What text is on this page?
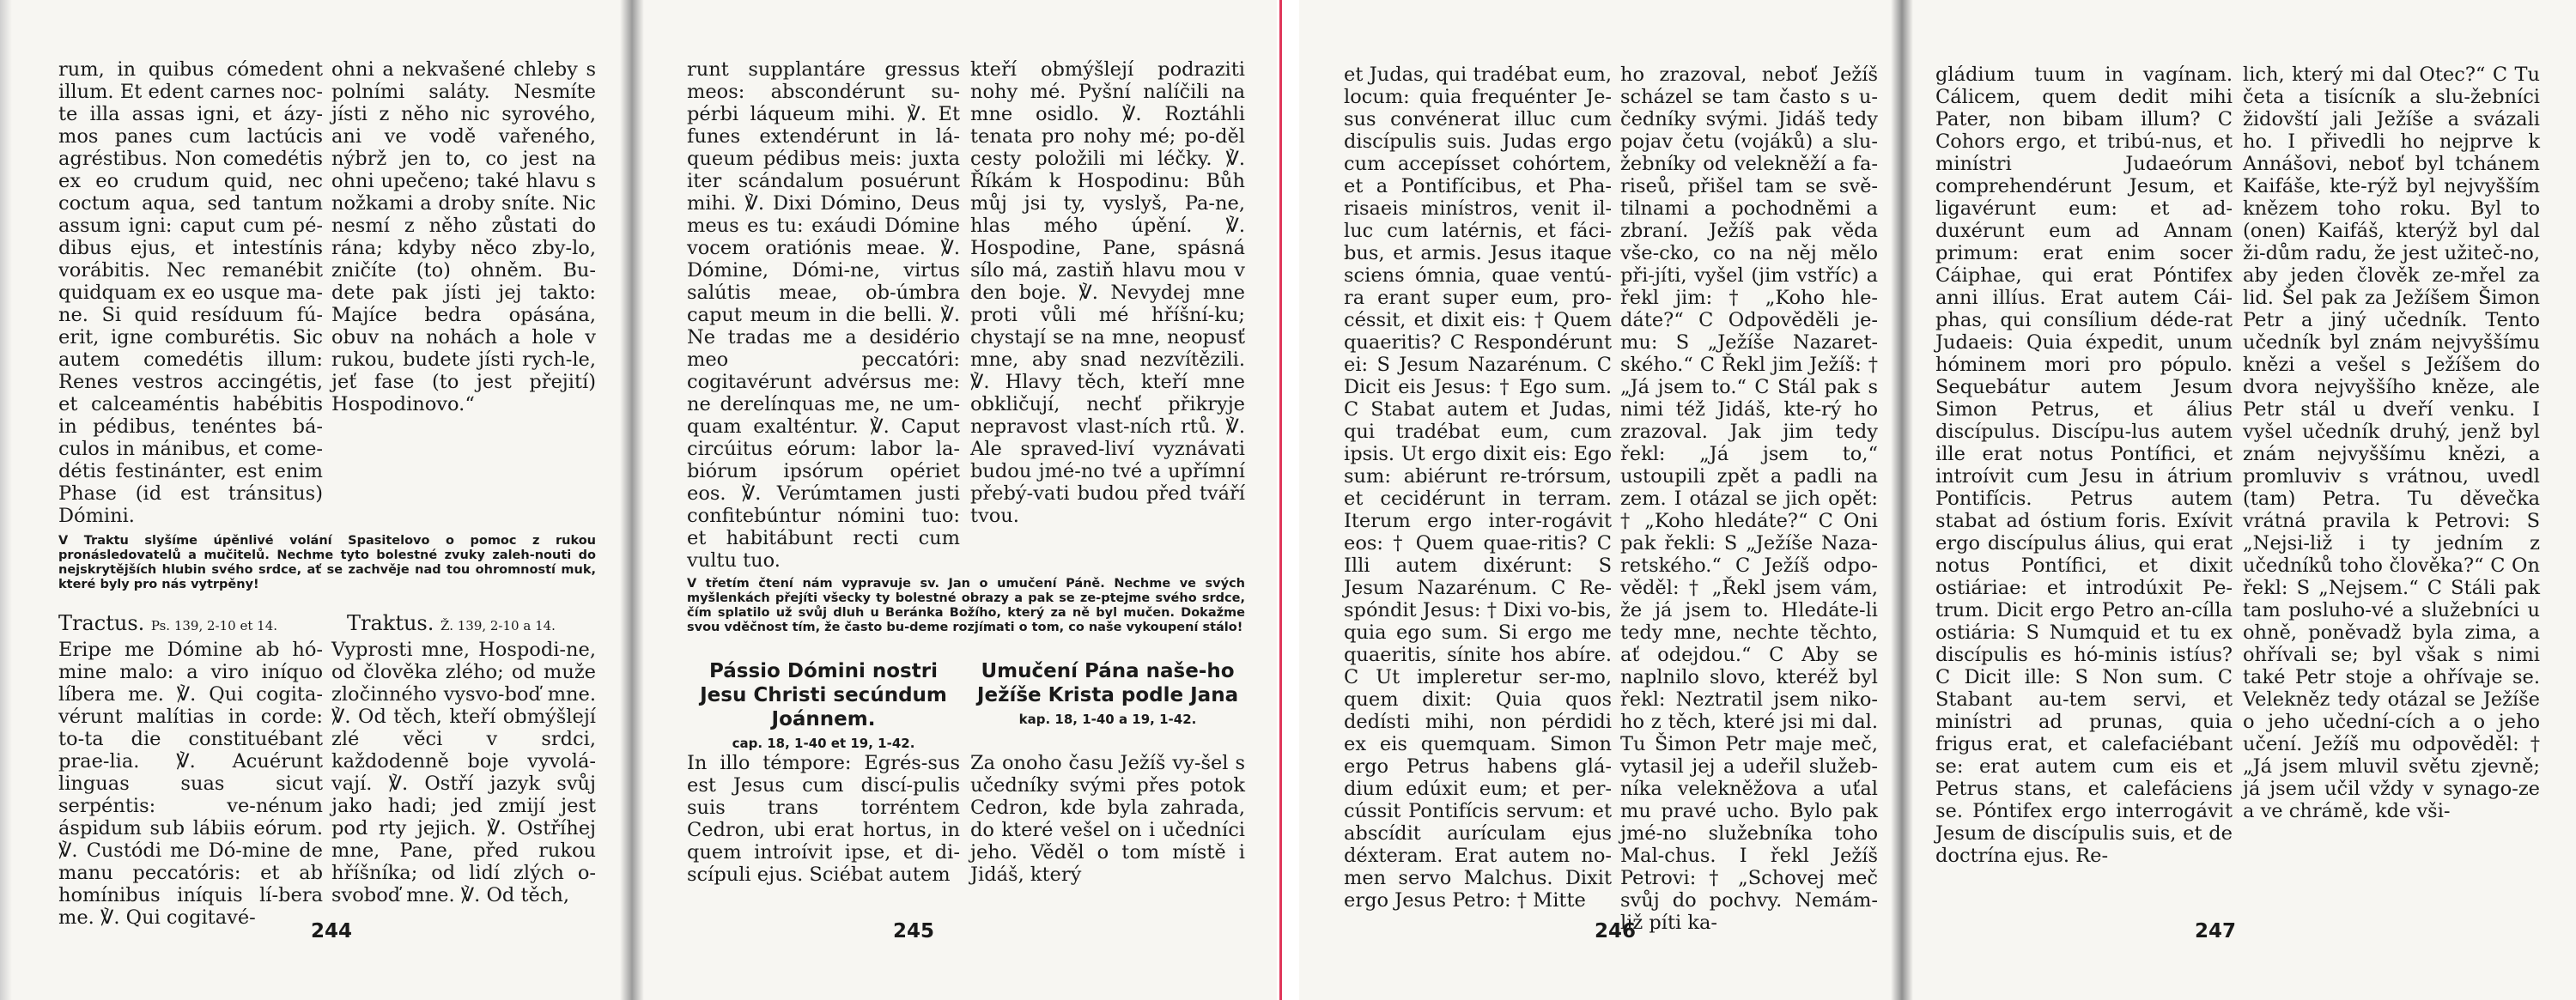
rum, in quibus cómedent illum. Et edent carnes noc-te illa assas igni, et ázy-mos panes cum lactúcis agréstibus. Non comedétis ex eo crudum quid, nec coctum aqua, sed tantum assum igni: caput cum pé-dibus ejus, et intestínis vorábitis. Nec remanébit quidquam ex eo usque ma-ne. Si quid resíduum fú-erit, igne comburétis. Sic autem comedétis illum: Renes vestros accingétis, et calceaméntis habébitis in pédibus, tenéntes bá-culos in mánibus, et come-détis festinánter, est enim Phase (id est tránsitus) Dómini.

ohni a nekvašené chleby s polními saláty. Nesmíte jísti z něho nic syrového, ani ve vodě vařeného, nýbrž jen to, co jest na ohni upečeno; také hlavu s nožkami a droby sníte. Nic nesmí z něho zůstati do rána; kdyby něco zby-lo, zničíte (to) ohněm. Bu-dete pak jísti jej takto: Majíce bedra opásána, obuv na nohách a hole v rukou, budete jísti rych-le, jeť fase (to jest přejití) Hospodinovo.“

V Traktu slyšíme úpěnlivé volání Spasitelovo o pomoc z rukou pronásledovatelů a mučitelů. Nechme tyto bolestné zvuky zaleh-nouti do nejskrytějších hlubin svého srdce, ať se zachvěje nad tou ohromností muk, které byly pro nás vytrpěny!
Tractus. Ps. 139, 2-10 et 14.	Traktus. Ž. 139, 2-10 a 14.

Eripe me Dómine ab hó-mine malo: a viro iníquo líbera me. ℣. Qui cogita-vérunt malítias in corde: to-ta die constituébant prae-lia. ℣. Acuérunt linguas suas sicut serpéntis: ve-nénum áspidum sub lábiis eórum. ℣. Custódi me Dó-mine de manu peccatóris: et ab homínibus iníquis lí-bera me. ℣. Qui cogitavé-

Vyprosti mne, Hospodi-ne, od člověka zlého; od muže zločinného vysvo-boď mne. ℣. Od těch, kteří obmýšlejí zlé věci v srdci, každodenně boje vyvolá-vají. ℣. Ostří jazyk svůj jako hadi; jed zmijí jest pod rty jejich. ℣. Ostříhej mne, Pane, před rukou hříšníka; od lidí zlých o-svoboď mne. ℣. Od těch,

244

runt supplantáre gressus meos: abscondérunt su-pérbi láqueum mihi. ℣. Et funes extendérunt in lá-queum pédibus meis: juxta iter scándalum posuérunt mihi. ℣. Dixi Dómino, Deus meus es tu: exáudi Dómine vocem oratiónis meae. ℣. Dómine, Dómi-ne, virtus salútis meae, ob-úmbra caput meum in die belli. ℣. Ne tradas me a desidério meo peccatóri: cogitavérunt advérsus me: ne derelínquas me, ne um-quam exalténtur. ℣. Caput circúitus eórum: labor la-biórum ipsórum opériet eos. ℣. Verúmtamen justi confitebúntur nómini tuo: et habitábunt recti cum vultu tuo.

kteří obmýšlejí podraziti nohy mé. Pyšní nalíčili na mne osidlo. ℣. Roztáhli tenata pro nohy mé; po-děl cesty položili mi léčky. ℣. Říkám k Hospodinu: Bůh můj jsi ty, vyslyš, Pa-ne, hlas mého úpění. ℣. Hospodine, Pane, spásná sílo má, zastiň hlavu mou v den boje. ℣. Nevydej mne proti vůli mé hříšní-ku; chystají se na mne, neopusť mne, aby snad nezvítězili. ℣. Hlavy těch, kteří mne obkličují, nechť přikryje nepravost vlast-ních rtů. ℣. Ale spraved-liví vyznávati budou jmé-no tvé a upřímní přebý-vati budou před tváří tvou.

V třetím čtení nám vypravuje sv. Jan o umučení Páně. Nechme ve svých myšlenkách přejíti všecky ty bolestné obrazy a pak se ze-ptejme svého srdce, čím splatilo už svůj dluh u Beránka Božího, který za ně byl mučen. Dokažme svou vděčnost tím, že často bu-deme rozjímati o tom, co naše vykoupení stálo!
Pássio Dómini nostri Jesu Christi secúndum Joánnem.
cap. 18, 1-40 et 19, 1-42.
Umučení Pána naše-ho Ježíše Krista podle Jana
kap. 18, 1-40 a 19, 1-42.

In illo témpore: Egrés-sus est Jesus cum discí-pulis suis trans torréntem Cedron, ubi erat hortus, in quem introívit ipse, et di-scípuli ejus. Sciébat autem

Za onoho času Ježíš vy-šel s učedníky svými přes potok Cedron, kde byla zahrada, do které vešel on i učedníci jeho. Věděl o tom místě i Jidáš, který

245

et Judas, qui tradébat eum, locum: quia frequénter Je-sus convénerat illuc cum discípulis suis. Judas ergo cum accepísset cohórtem, et a Pontifícibus, et Pha-risaeis minístros, venit il-luc cum latérnis, et fáci-bus, et armis. Jesus itaque sciens ómnia, quae ventú-ra erant super eum, pro-céssit, et dixit eis: † Quem quaeritis? C Respondérunt ei: S Jesum Nazarénum. C Dicit eis Jesus: † Ego sum. C Stabat autem et Judas, qui tradébat eum, cum ipsis. Ut ergo dixit eis: Ego sum: abiérunt re-trórsum, et cecidérunt in terram. Iterum ergo inter-rogávit eos: † Quem quae-ritis? C Illi autem dixérunt: S Jesum Nazarénum. C Re-spóndit Jesus: † Dixi vo-bis, quia ego sum. Si ergo me quaeritis, sínite hos abíre. C Ut impleretur ser-mo, quem dixit: Quia quos dedísti mihi, non pérdidi ex eis quemquam. Simon ergo Petrus habens glá-dium edúxit eum; et per-cússit Pontifícis servum: et abscídit aurículam ejus déxteram. Erat autem no-men servo Malchus. Dixit ergo Jesus Petro: † Mitte

ho zrazoval, neboť Ježíš scházel se tam často s u-čedníky svými. Jidáš tedy pojav četu (vojáků) a slu-žebníky od velekněží a fa-riseů, přišel tam se svě-tilnami a pochodněmi a zbraní. Ježíš pak věda vše-cko, co na něj mělo při-jíti, vyšel (jim vstříc) a řekl jim: † „Koho hle-dáte?“ C Odpověděli je-mu: S „Ježíše Nazaret-ského.“ C Řekl jim Ježíš: † „Já jsem to.“ C Stál pak s nimi též Jidáš, kte-rý ho zrazoval. Jak jim tedy řekl: „Já jsem to,“ ustoupili zpět a padli na zem. I otázal se jich opět: † „Koho hledáte?“ C Oni pak řekli: S „Ježíše Naza-retského.“ C Ježíš odpo-věděl: † „Řekl jsem vám, že já jsem to. Hledáte-li tedy mne, nechte těchto, ať odejdou.“ C Aby se naplnilo slovo, kteréž byl řekl: Neztratil jsem niko-ho z těch, které jsi mi dal. Tu Šimon Petr maje meč, vytasil jej a udeřil služeb-níka velekněžova a uťal mu pravé ucho. Bylo pak jmé-no služebníka toho Mal-chus. I řekl Ježíš Petrovi: † „Schovej meč svůj do pochvy. Nemám-liž píti ka-

246

gládium tuum in vagínam. Cálicem, quem dedit mihi Pater, non bibam illum? C Cohors ergo, et tribú-nus, et minístri Judaeórum comprehendérunt Jesum, et ligavérunt eum: et ad-duxérunt eum ad Annam primum: erat enim socer Cáiphae, qui erat Póntifex anni illíus. Erat autem Cái-phas, qui consílium déde-rat Judaeis: Quia éxpedit, unum hóminem mori pro pópulo. Sequebátur autem Jesum Simon Petrus, et álius discípulus. Discípu-lus autem ille erat notus Pontífici, et introívit cum Jesu in átrium Pontifícis. Petrus autem stabat ad óstium foris. Exívit ergo discípulus álius, qui erat notus Pontífici, et dixit ostiáriae: et introdúxit Pe-trum. Dicit ergo Petro an-cílla ostiária: S Numquid et tu ex discípulis es hó-minis istíus? C Dicit ille: S Non sum. C Stabant au-tem servi, et minístri ad prunas, quia frigus erat, et calefaciébant se: erat autem cum eis et Petrus stans, et calefáciens se. Póntifex ergo interrogávit Jesum de discípulis suis, et de doctrína ejus. Re-

lich, který mi dal Otec?“ C Tu četa a tisícník a slu-žebníci židovští jali Ježíše a svázali ho. I přivedli ho nejprve k Annášovi, neboť byl tchánem Kaifáše, kte-rýž byl nejvyšším knězem toho roku. Byl to (onen) Kaifáš, kterýž byl dal ži-dům radu, že jest užiteč-no, aby jeden člověk ze-mřel za lid. Šel pak za Ježíšem Šimon Petr a jiný učedník. Tento učedník byl znám nejvyššímu knězi a vešel s Ježíšem do dvora nejvyššího kněze, ale Petr stál u dveří venku. I vyšel učedník druhý, jenž byl znám nejvyššímu knězi, a promluviv s vrátnou, uvedl (tam) Petra. Tu děvečka vrátná pravila k Petrovi: S „Nejsi-liž i ty jedním z učedníků toho člověka?“ C On řekl: S „Nejsem.“ C Stáli pak tam posluho-vé a služebníci u ohně, poněvadž byla zima, a ohřívali se; byl však s nimi také Petr stoje a ohřívaje se. Velekněz tedy otázal se Ježíše o jeho učední-cích a o jeho učení. Ježíš mu odpověděl: † „Já jsem mluvil světu zjevně; já jsem učil vždy v synago-ze a ve chrámě, kde vši-

247
